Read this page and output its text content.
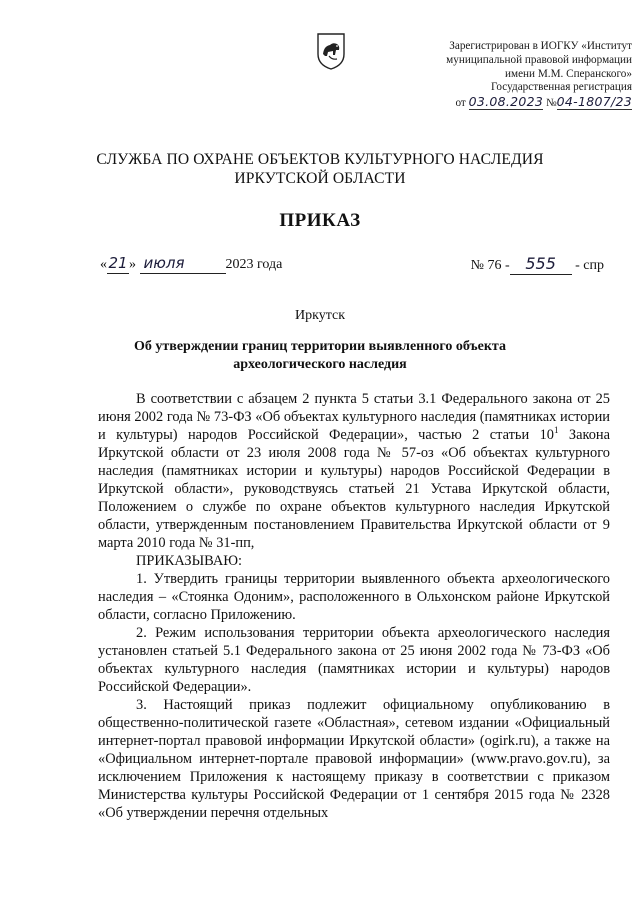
Зарегистрирован в ИОГКУ «Институт
муниципальной правовой информации
имени М.М. Сперанского»
Государственная регистрация
от 03.08.2023 №04-1807/23
СЛУЖБА ПО ОХРАНЕ ОБЪЕКТОВ КУЛЬТУРНОГО НАСЛЕДИЯ
ИРКУТСКОЙ ОБЛАСТИ
ПРИКАЗ
«21» июля	2023 года	№ 76 - 555 - спр
Иркутск
Об утверждении границ территории выявленного объекта
археологического наследия

В соответствии с абзацем 2 пункта 5 статьи 3.1 Федерального закона от 25 июня 2002 года № 73-ФЗ «Об объектах культурного наследия (памятниках истории и культуры) народов Российской Федерации», частью 2 статьи $10^1$ Закона Иркутской области от 23 июля 2008 года № 57-оз «Об объектах культурного наследия (памятниках истории и культуры) народов Российской Федерации в Иркутской области», руководствуясь статьей 21 Устава Иркутской области, Положением о службе по охране объектов культурного наследия Иркутской области, утвержденным постановлением Правительства Иркутской области от 9 марта 2010 года № 31-пп,

ПРИКАЗЫВАЮ:

1. Утвердить границы территории выявленного объекта археологического наследия – «Стоянка Одоним», расположенного в Ольхонском районе Иркутской области, согласно Приложению.

2. Режим использования территории объекта археологического наследия установлен статьей 5.1 Федерального закона от 25 июня 2002 года № 73-ФЗ «Об объектах культурного наследия (памятниках истории и культуры) народов Российской Федерации».

3. Настоящий приказ подлежит официальному опубликованию в общественно-политической газете «Областная», сетевом издании «Официальный интернет-портал правовой информации Иркутской области» (ogirk.ru), а также на «Официальном интернет-портале правовой информации» (www.pravo.gov.ru), за исключением Приложения к настоящему приказу в соответствии с приказом Министерства культуры Российской Федерации от 1 сентября 2015 года № 2328 «Об утверждении перечня отдельных
